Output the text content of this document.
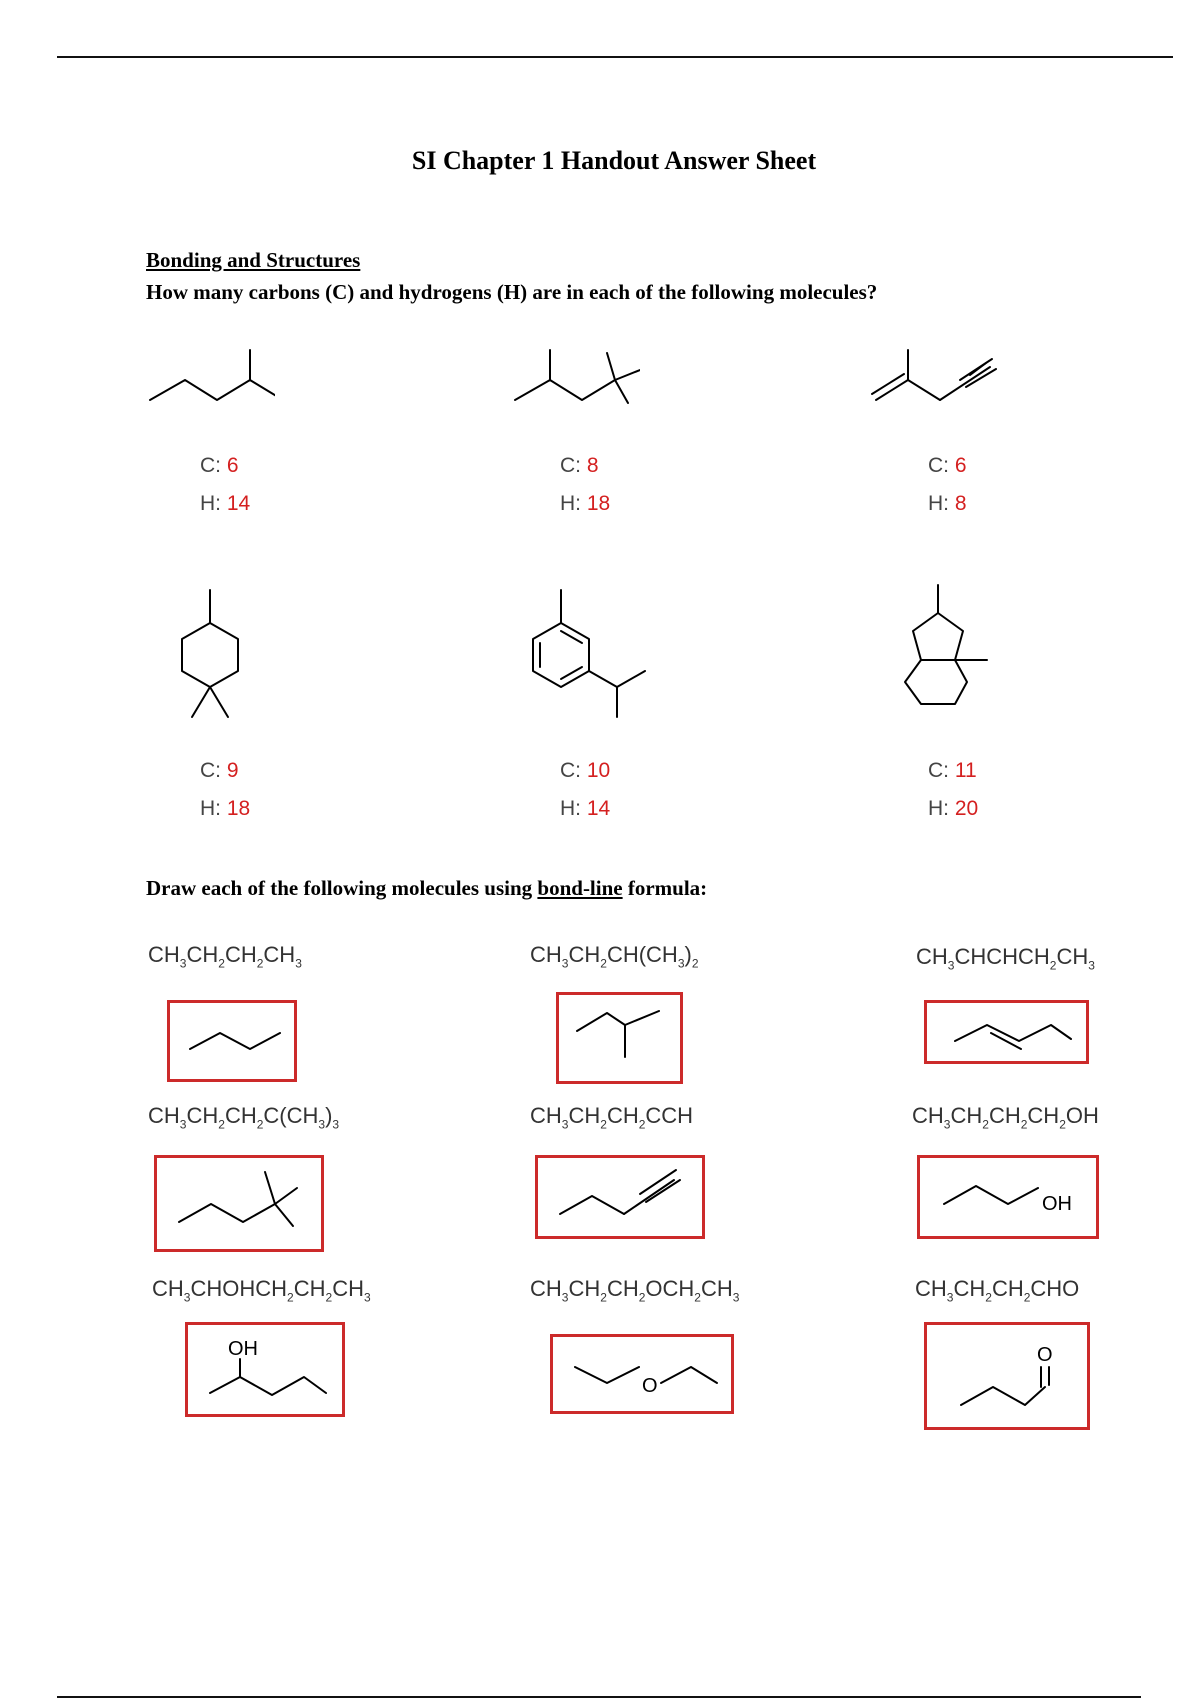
SI Chapter 1 Handout Answer Sheet
Bonding and Structures
How many carbons (C) and hydrogens (H) are in each of the following molecules?
C: 6
H: 14
C: 8
H: 18
C: 6
H: 8
C: 9
H: 18
C: 10
H: 14
C: 11
H: 20
Draw each of the following molecules using bond-line formula:
$CH_3CH_2CH_2CH_3$	$CH_3CH_2CH(CH_3)_2$	$CH_3CHCHCH_2CH_3$
$CH_3CH_2CH_2C(CH_3)_3$	$CH_3CH_2CH_2CCH$	$CH_3CH_2CH_2CH_2OH$
$CH_3CHOHCH_2CH_2CH_3$	$CH_3CH_2CH_2OCH_2CH_3$	$CH_3CH_2CH_2CHO$
OH
OH
O
O
